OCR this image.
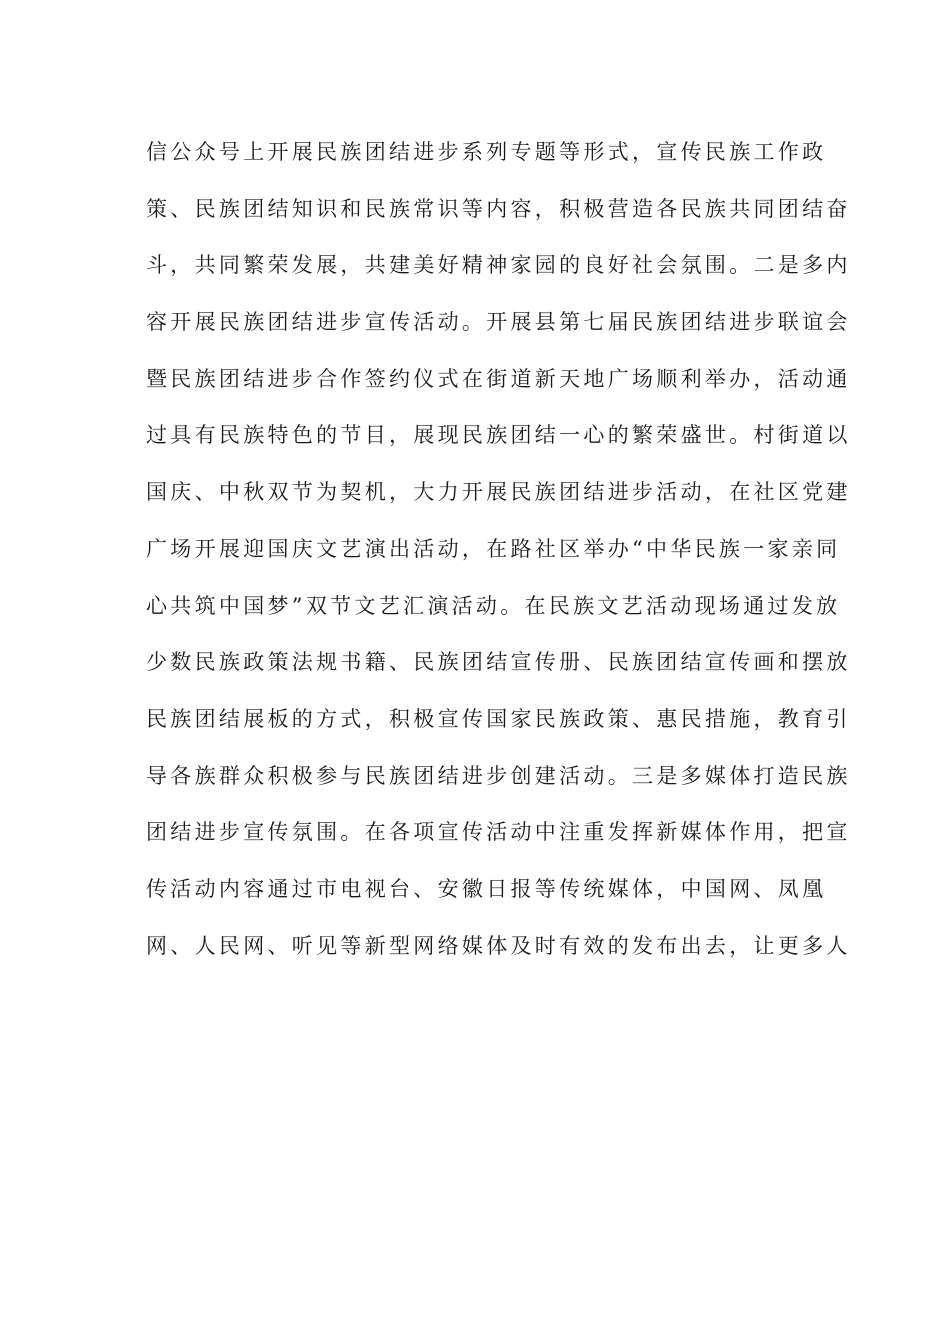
信公众号上开展民族团结进步系列专题等形式，宣传民族工作政
策、民族团结知识和民族常识等内容，积极营造各民族共同团结奋
斗，共同繁荣发展，共建美好精神家园的良好社会氛围。二是多内
容开展民族团结进步宣传活动。开展县第七届民族团结进步联谊会
暨民族团结进步合作签约仪式在街道新天地广场顺利举办，活动通
过具有民族特色的节目，展现民族团结一心的繁荣盛世。村街道以
国庆、中秋双节为契机，大力开展民族团结进步活动，在社区党建
广场开展迎国庆文艺演出活动，在路社区举办“中华民族一家亲同
心共筑中国梦”双节文艺汇演活动。在民族文艺活动现场通过发放
少数民族政策法规书籍、民族团结宣传册、民族团结宣传画和摆放
民族团结展板的方式，积极宣传国家民族政策、惠民措施，教育引
导各族群众积极参与民族团结进步创建活动。三是多媒体打造民族
团结进步宣传氛围。在各项宣传活动中注重发挥新媒体作用，把宣
传活动内容通过市电视台、安徽日报等传统媒体，中国网、凤凰
网、人民网、听见等新型网络媒体及时有效的发布出去，让更多人
